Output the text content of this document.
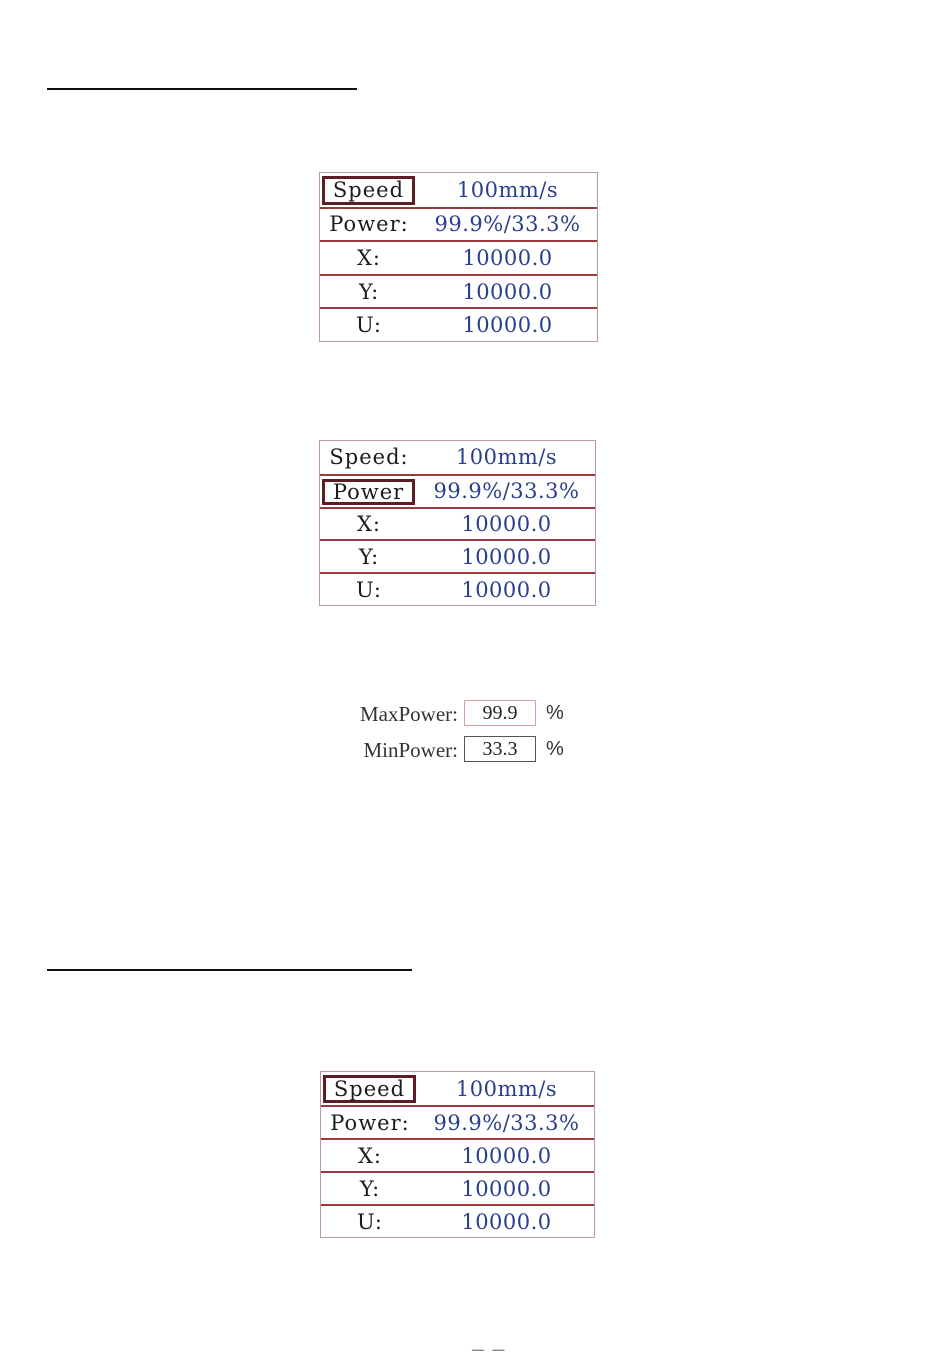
Speed	100mm/s
Power:	99.9%/33.3%
X:	10000.0
Y:	10000.0
U:	10000.0
Speed:	100mm/s
Power	99.9%/33.3%
X:	10000.0
Y:	10000.0
U:	10000.0
MaxPower:	99.9	%
MinPower:	33.3	%
Speed	100mm/s
Power:	99.9%/33.3%
X:	10000.0
Y:	10000.0
U:	10000.0
－ －
